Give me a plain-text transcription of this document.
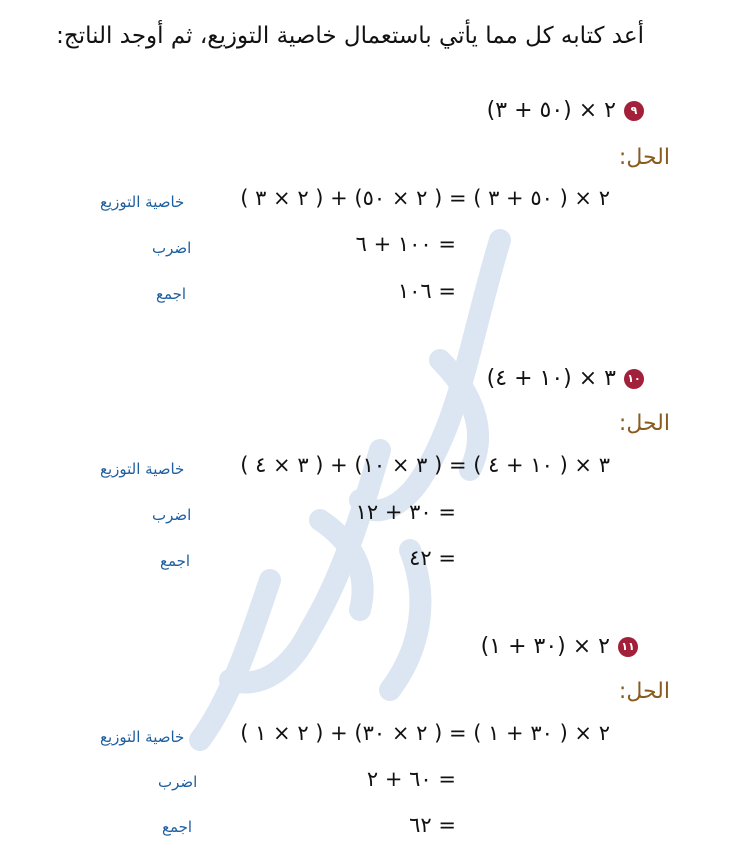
أعد كتابه كل مما يأتي باستعمال خاصية التوزيع، ثم أوجد الناتج:
٢ × (٥٠ + ٣)	٩
الحل:
٢ × ( ٥٠ + ٣ ) = ( ٢ × ٥٠) + ( ٢ × ٣ )
خاصية التوزيع
= ١٠٠ + ٦
اضرب
= ١٠٦
اجمع
٣ × (١٠ + ٤) ١٠
الحل:
٣ × ( ١٠ + ٤ ) = ( ٣ × ١٠) + ( ٣ × ٤ )
خاصية التوزيع
= ٣٠ + ١٢
اضرب
= ٤٢
اجمع
٢ × (٣٠ + ١) ١١
الحل:
٢ × ( ٣٠ + ١ ) = ( ٢ × ٣٠) + ( ٢ × ١ )
خاصية التوزيع
= ٦٠ + ٢
اضرب
= ٦٢
اجمع
